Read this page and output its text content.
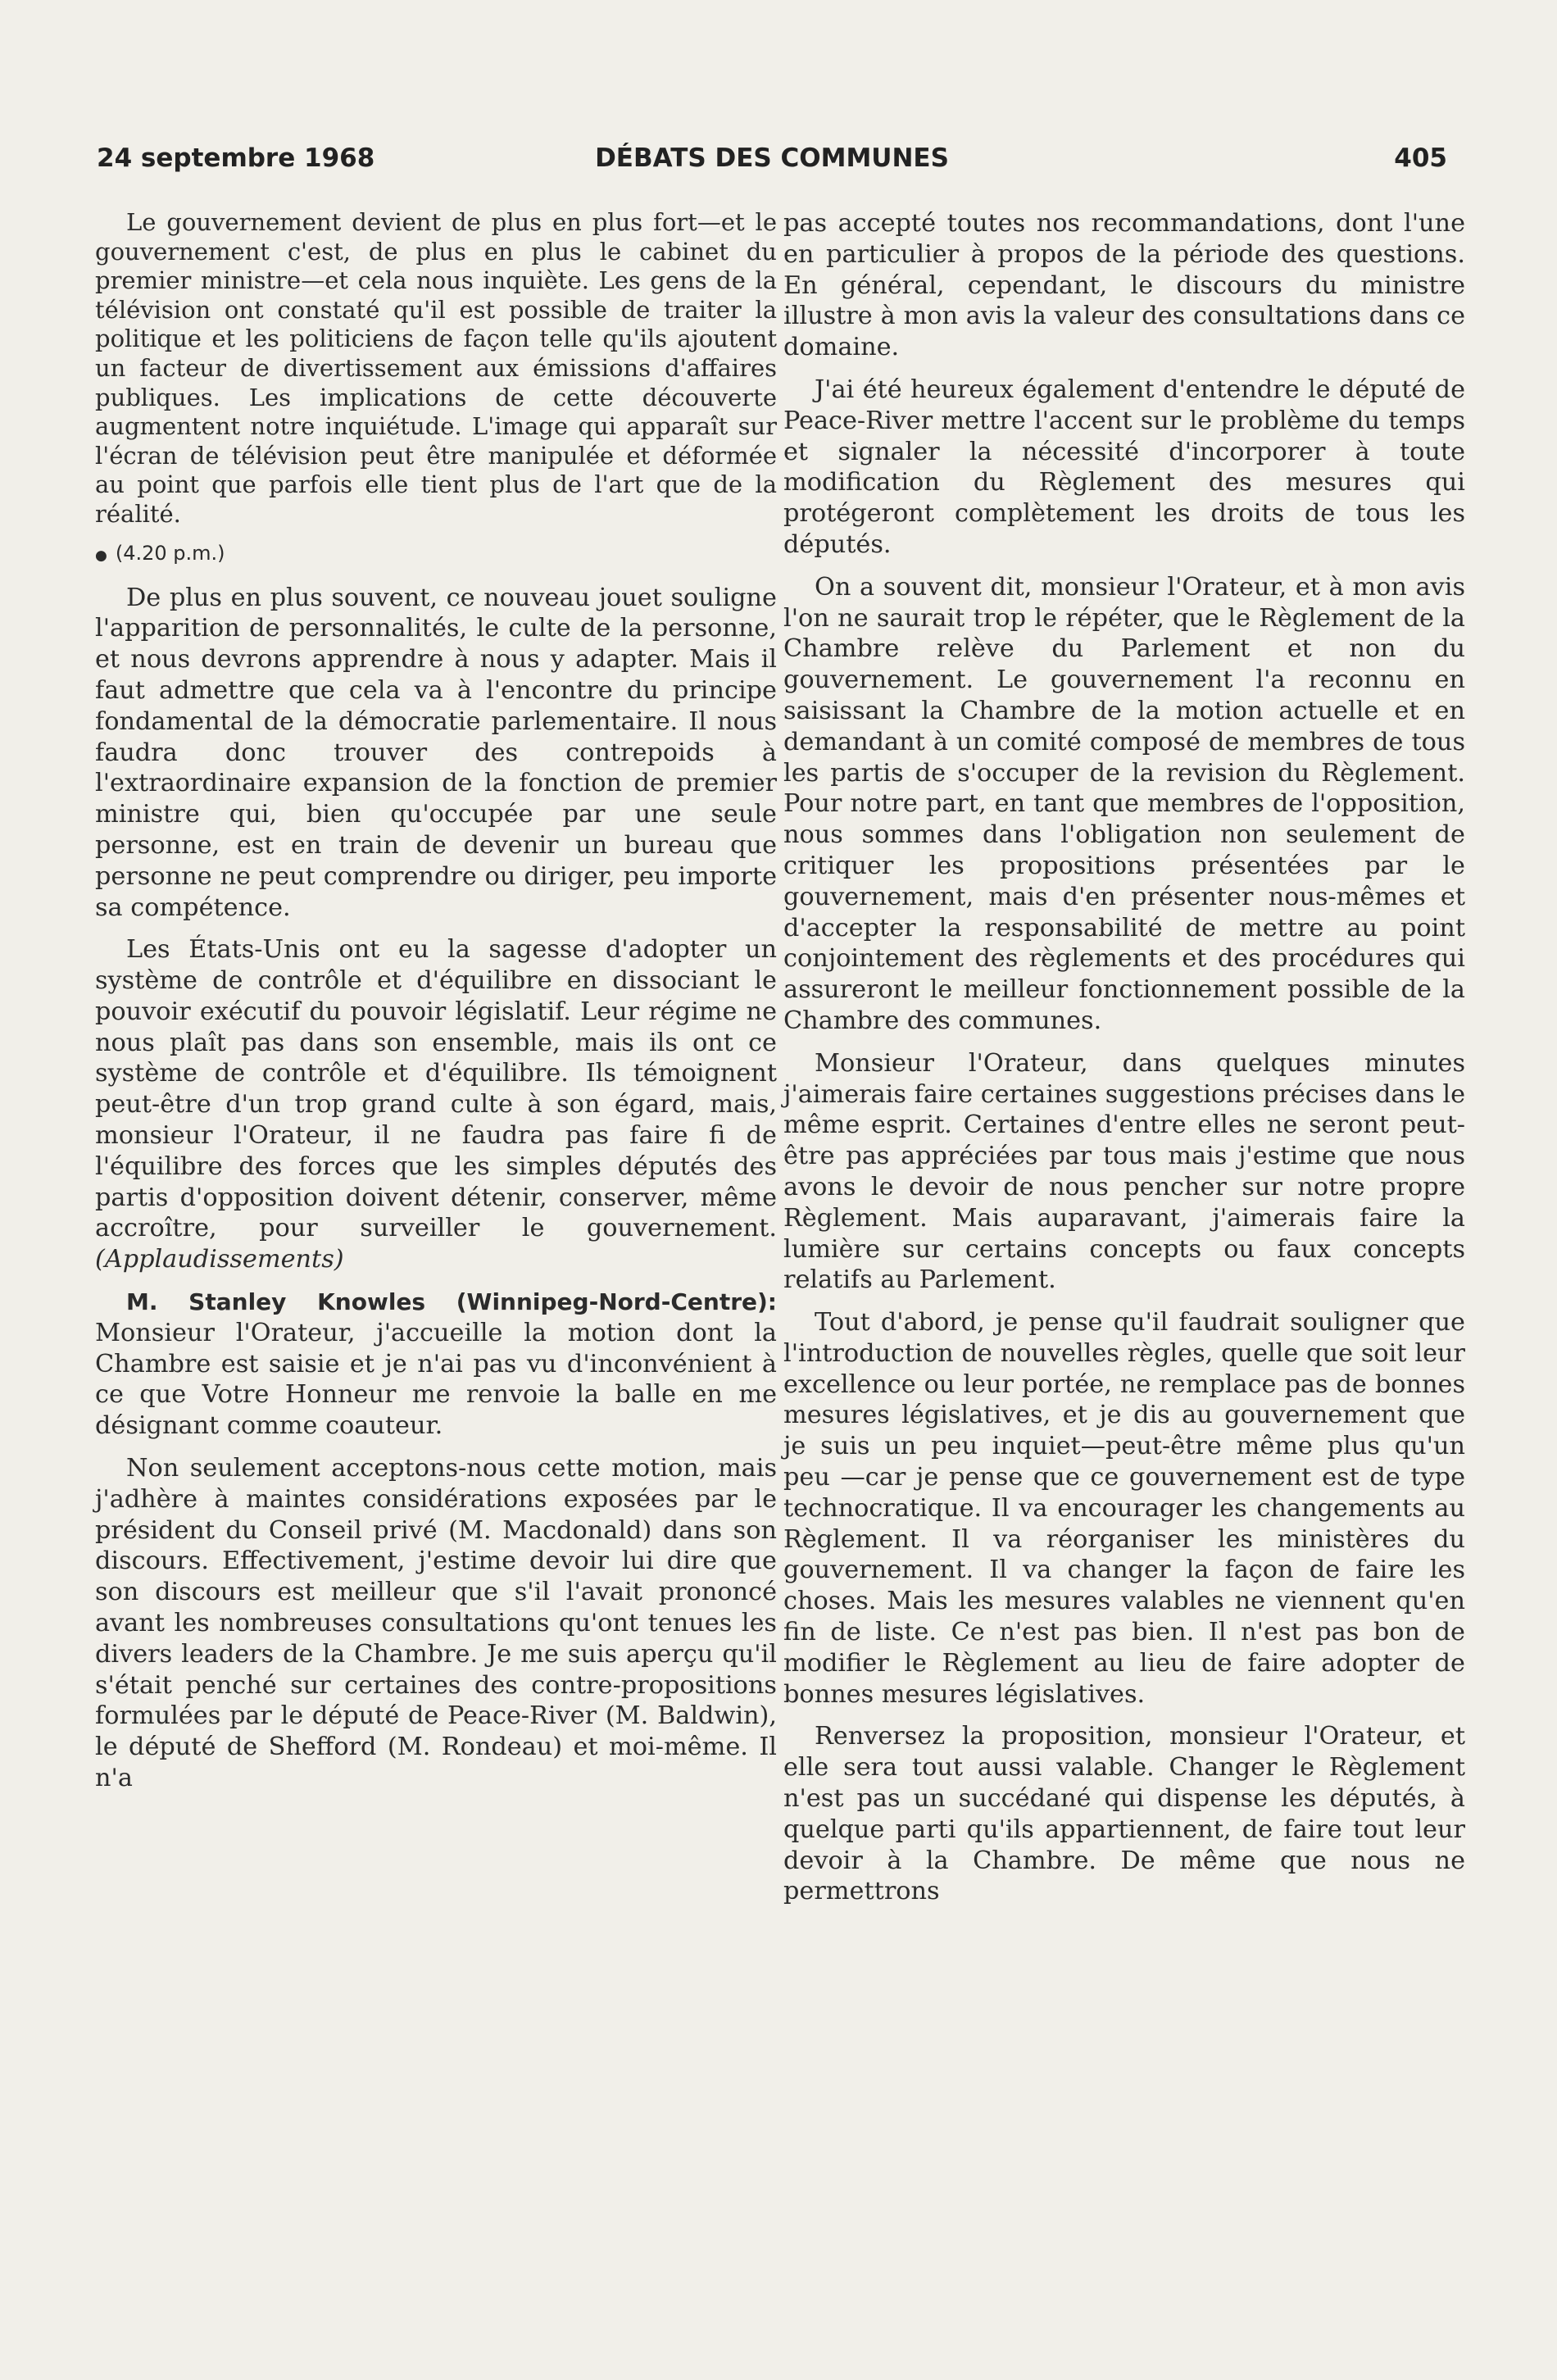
DÉBATS DES COMMUNES
24 septembre 1968	405

Le gouvernement devient de plus en plus fort—et le gouvernement c'est, de plus en plus le cabinet du premier ministre—et cela nous inquiète. Les gens de la télévision ont constaté qu'il est possible de traiter la politique et les politiciens de façon telle qu'ils ajoutent un facteur de divertissement aux émissions d'affaires publiques. Les implications de cette découverte augmentent notre inquiétude. L'image qui apparaît sur l'écran de télévision peut être manipulée et déformée au point que parfois elle tient plus de l'art que de la réalité.

● (4.20 p.m.)

De plus en plus souvent, ce nouveau jouet souligne l'apparition de personnalités, le culte de la personne, et nous devrons apprendre à nous y adapter. Mais il faut admettre que cela va à l'encontre du principe fondamental de la démocratie parlementaire. Il nous faudra donc trouver des contrepoids à l'extraordinaire expansion de la fonction de premier ministre qui, bien qu'occupée par une seule personne, est en train de devenir un bureau que personne ne peut comprendre ou diriger, peu importe sa compétence.

Les États-Unis ont eu la sagesse d'adopter un système de contrôle et d'équilibre en dissociant le pouvoir exécutif du pouvoir législatif. Leur régime ne nous plaît pas dans son ensemble, mais ils ont ce système de contrôle et d'équilibre. Ils témoignent peut-être d'un trop grand culte à son égard, mais, monsieur l'Orateur, il ne faudra pas faire fi de l'équilibre des forces que les simples députés des partis d'opposition doivent détenir, conserver, même accroître, pour surveiller le gouvernement. (Applaudissements)

M. Stanley Knowles (Winnipeg-Nord-Centre): Monsieur l'Orateur, j'accueille la motion dont la Chambre est saisie et je n'ai pas vu d'inconvénient à ce que Votre Honneur me renvoie la balle en me désignant comme coauteur.

Non seulement acceptons-nous cette motion, mais j'adhère à maintes considérations exposées par le président du Conseil privé (M. Macdonald) dans son discours. Effectivement, j'estime devoir lui dire que son discours est meilleur que s'il l'avait prononcé avant les nombreuses consultations qu'ont tenues les divers leaders de la Chambre. Je me suis aperçu qu'il s'était penché sur certaines des contre-propositions formulées par le député de Peace-River (M. Baldwin), le député de Shefford (M. Rondeau) et moi-même. Il n'a

pas accepté toutes nos recommandations, dont l'une en particulier à propos de la période des questions. En général, cependant, le discours du ministre illustre à mon avis la valeur des consultations dans ce domaine.

J'ai été heureux également d'entendre le député de Peace-River mettre l'accent sur le problème du temps et signaler la nécessité d'incorporer à toute modification du Règlement des mesures qui protégeront complètement les droits de tous les députés.

On a souvent dit, monsieur l'Orateur, et à mon avis l'on ne saurait trop le répéter, que le Règlement de la Chambre relève du Parlement et non du gouvernement. Le gouvernement l'a reconnu en saisissant la Chambre de la motion actuelle et en demandant à un comité composé de membres de tous les partis de s'occuper de la revision du Règlement. Pour notre part, en tant que membres de l'opposition, nous sommes dans l'obligation non seulement de critiquer les propositions présentées par le gouvernement, mais d'en présenter nous-mêmes et d'accepter la responsabilité de mettre au point conjointement des règlements et des procédures qui assureront le meilleur fonctionnement possible de la Chambre des communes.

Monsieur l'Orateur, dans quelques minutes j'aimerais faire certaines suggestions précises dans le même esprit. Certaines d'entre elles ne seront peut-être pas appréciées par tous mais j'estime que nous avons le devoir de nous pencher sur notre propre Règlement. Mais auparavant, j'aimerais faire la lumière sur certains concepts ou faux concepts relatifs au Parlement.

Tout d'abord, je pense qu'il faudrait souligner que l'introduction de nouvelles règles, quelle que soit leur excellence ou leur portée, ne remplace pas de bonnes mesures législatives, et je dis au gouvernement que je suis un peu inquiet—peut-être même plus qu'un peu —car je pense que ce gouvernement est de type technocratique. Il va encourager les changements au Règlement. Il va réorganiser les ministères du gouvernement. Il va changer la façon de faire les choses. Mais les mesures valables ne viennent qu'en fin de liste. Ce n'est pas bien. Il n'est pas bon de modifier le Règlement au lieu de faire adopter de bonnes mesures législatives.

Renversez la proposition, monsieur l'Orateur, et elle sera tout aussi valable. Changer le Règlement n'est pas un succédané qui dispense les députés, à quelque parti qu'ils appartiennent, de faire tout leur devoir à la Chambre. De même que nous ne permettrons
